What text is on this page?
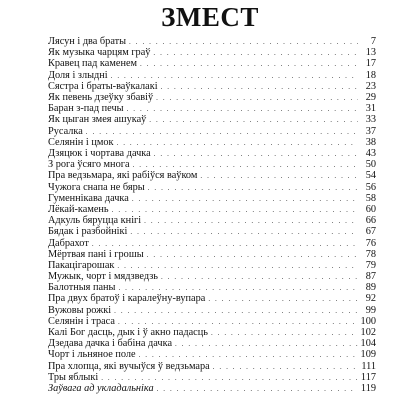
ЗМЕСТ
Лясун і два браты . . .	7
Як музыка чарцям граў . . .	13
Кравец пад каменем . . .	17
Доля і злыдні . . .	18
Сястра і браты-ваўкалакі . . .	23
Як певень дзеўку збавіў . . .	29
Баран з-пад печы . . .	31
Як цыган змея ашукаў . . .	33
Русалка . . .	37
Селянін і цмок . . .	38
Дзяцюк і чортава дачка . . .	43
З рога ўсяго многа . . .	50
Пра ведзьмара, які рабіўся ваўком . . .	54
Чужога снапа не бяры . . .	56
Гуменнікава дачка . . .	58
Лёкай-камень . . .	60
Адкуль бяруцца кнігі . . .	66
Бядак і разбойнікі . . .	67
Дабрахот . . .	76
Мёртвая пані і грошы . . .	78
Пакацігарошак . . .	79
Мужык, чорт і мядзведзь . . .	87
Балотныя паны . . .	89
Пра двух братоў і каралеўну-вупара . . .	92
Вужовы рожкі . . .	99
Селянін і траса . . .	100
Калі Бог дасць, дык і ў акно падасць . . .	102
Дзедава дачка і бабіна дачка . . .	104
Чорт і льняное поле . . .	109
Пра хлопца, які вучыўся ў ведзьмара . . .	111
Тры яблыкі . . .	117
Заўвага ад укладальніка . . .	119
